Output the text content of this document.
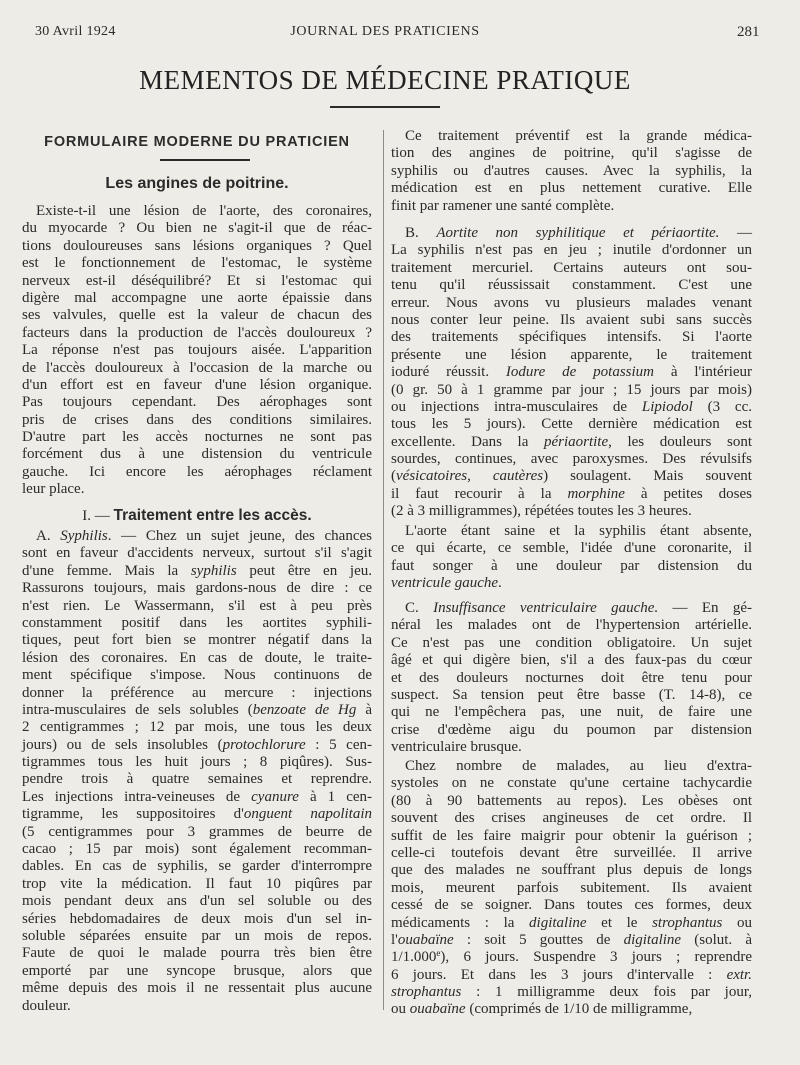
30 Avril 1924	JOURNAL DES PRATICIENS	281
MEMENTOS DE MÉDECINE PRATIQUE
FORMULAIRE MODERNE DU PRATICIEN
Les angines de poitrine.
Existe-t-il une lésion de l'aorte, des coronaires,
du myocarde ? Ou bien ne s'agit-il que de réac-
tions douloureuses sans lésions organiques ? Quel
est le fonctionnement de l'estomac, le système
nerveux est-il déséquilibré? Et si l'estomac qui
digère mal accompagne une aorte épaissie dans
ses valvules, quelle est la valeur de chacun des
facteurs dans la production de l'accès douloureux ?
La réponse n'est pas toujours aisée. L'apparition
de l'accès douloureux à l'occasion de la marche ou
d'un effort est en faveur d'une lésion organique.
Pas toujours cependant. Des aérophages sont
pris de crises dans des conditions similaires.
D'autre part les accès nocturnes ne sont pas
forcément dus à une distension du ventricule
gauche. Ici encore les aérophages réclament
leur place.
I. — Traitement entre les accès.
A. Syphilis. — Chez un sujet jeune, des chances
sont en faveur d'accidents nerveux, surtout s'il s'agit
d'une femme. Mais la syphilis peut être en jeu.
Rassurons toujours, mais gardons-nous de dire : ce
n'est rien. Le Wassermann, s'il est à peu près
constamment positif dans les aortites syphili-
tiques, peut fort bien se montrer négatif dans la
lésion des coronaires. En cas de doute, le traite-
ment spécifique s'impose. Nous continuons de
donner la préférence au mercure : injections
intra-musculaires de sels solubles (benzoate de Hg à
2 centigrammes ; 12 par mois, une tous les deux
jours) ou de sels insolubles (protochlorure : 5 cen-
tigrammes tous les huit jours ; 8 piqûres). Sus-
pendre trois à quatre semaines et reprendre.
Les injections intra-veineuses de cyanure à 1 cen-
tigramme, les suppositoires d'onguent napolitain
(5 centigrammes pour 3 grammes de beurre de
cacao ; 15 par mois) sont également recomman-
dables. En cas de syphilis, se garder d'interrompre
trop vite la médication. Il faut 10 piqûres par
mois pendant deux ans d'un sel soluble ou des
séries hebdomadaires de deux mois d'un sel in-
soluble séparées ensuite par un mois de repos.
Faute de quoi le malade pourra très bien être
emporté par une syncope brusque, alors que
même depuis des mois il ne ressentait plus aucune
douleur.
Ce traitement préventif est la grande médica-
tion des angines de poitrine, qu'il s'agisse de
syphilis ou d'autres causes. Avec la syphilis, la
médication est en plus nettement curative. Elle
finit par ramener une santé complète.
B. Aortite non syphilitique et périaortite. —
La syphilis n'est pas en jeu ; inutile d'ordonner un
traitement mercuriel. Certains auteurs ont sou-
tenu qu'il réussissait constamment. C'est une
erreur. Nous avons vu plusieurs malades venant
nous conter leur peine. Ils avaient subi sans succès
des traitements spécifiques intensifs. Si l'aorte
présente une lésion apparente, le traitement
ioduré réussit. Iodure de potassium à l'intérieur
(0 gr. 50 à 1 gramme par jour ; 15 jours par mois)
ou injections intra-musculaires de Lipiodol (3 cc.
tous les 5 jours). Cette dernière médication est
excellente. Dans la périaortite, les douleurs sont
sourdes, continues, avec paroxysmes. Des révulsifs
(vésicatoires, cautères) soulagent. Mais souvent
il faut recourir à la morphine à petites doses
(2 à 3 milligrammes), répétées toutes les 3 heures.
L'aorte étant saine et la syphilis étant absente,
ce qui écarte, ce semble, l'idée d'une coronarite, il
faut songer à une douleur par distension du
ventricule gauche.
C. Insuffisance ventriculaire gauche. — En gé-
néral les malades ont de l'hypertension artérielle.
Ce n'est pas une condition obligatoire. Un sujet
âgé et qui digère bien, s'il a des faux-pas du cœur
et des douleurs nocturnes doit être tenu pour
suspect. Sa tension peut être basse (T. 14-8), ce
qui ne l'empêchera pas, une nuit, de faire une
crise d'œdème aigu du poumon par distension
ventriculaire brusque.
Chez nombre de malades, au lieu d'extra-
systoles on ne constate qu'une certaine tachycardie
(80 à 90 battements au repos). Les obèses ont
souvent des crises angineuses de cet ordre. Il
suffit de les faire maigrir pour obtenir la guérison ;
celle-ci toutefois devant être surveillée. Il arrive
que des malades ne souffrant plus depuis de longs
mois, meurent parfois subitement. Ils avaient
cessé de se soigner. Dans toutes ces formes, deux
médicaments : la digitaline et le strophantus ou
l'ouabaïne : soit 5 gouttes de digitaline (solut. à
1/1.000e), 6 jours. Suspendre 3 jours ; reprendre
6 jours. Et dans les 3 jours d'intervalle : extr.
strophantus : 1 milligramme deux fois par jour,
ou ouabaïne (comprimés de 1/10 de milligramme,
